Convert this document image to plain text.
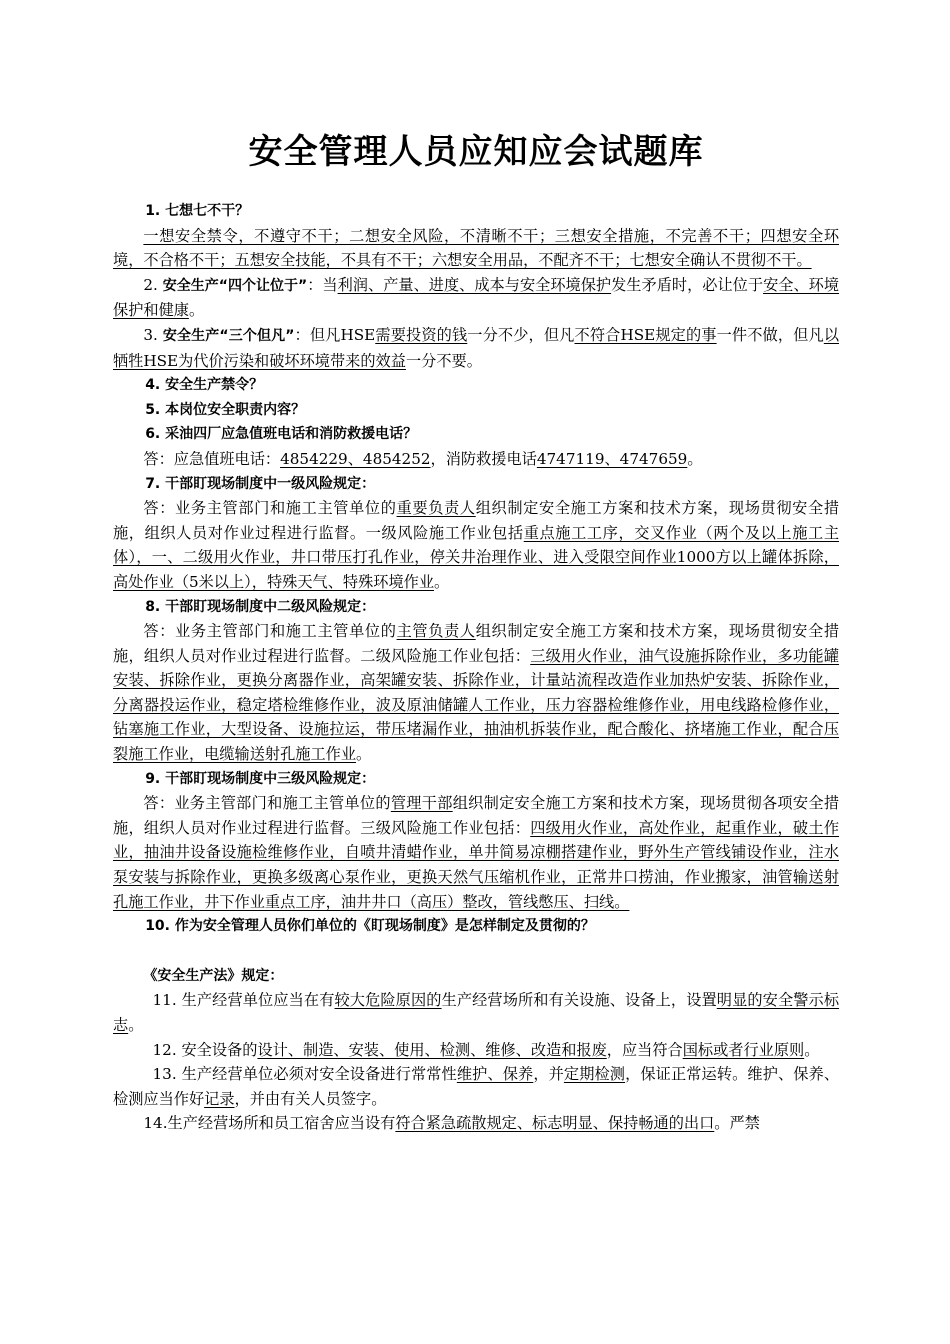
安全管理人员应知应会试题库

1. 七想七不干？

一想安全禁令，不遵守不干；二想安全风险，不清晰不干；三想安全措施，不完善不干；四想安全环境，不合格不干；五想安全技能，不具有不干；六想安全用品，不配齐不干；七想安全确认不贯彻不干。

2. 安全生产“四个让位于”：当利润、产量、进度、成本与安全环境保护发生矛盾时，必让位于安全、环境保护和健康。

3. 安全生产“三个但凡”：但凡HSE需要投资的钱一分不少，但凡不符合HSE规定的事一件不做，但凡以牺牲HSE为代价污染和破坏环境带来的效益一分不要。

4. 安全生产禁令？

5. 本岗位安全职责内容？

6. 采油四厂应急值班电话和消防救援电话？

答：应急值班电话：4854229、4854252，消防救援电话4747119、4747659。

7. 干部盯现场制度中一级风险规定：

答：业务主管部门和施工主管单位的重要负责人组织制定安全施工方案和技术方案，现场贯彻安全措施，组织人员对作业过程进行监督。一级风险施工作业包括重点施工工序，交叉作业（两个及以上施工主体），一、二级用火作业，井口带压打孔作业，停关井治理作业、进入受限空间作业1000方以上罐体拆除，高处作业（5米以上），特殊天气、特殊环境作业。

8. 干部盯现场制度中二级风险规定：

答：业务主管部门和施工主管单位的主管负责人组织制定安全施工方案和技术方案，现场贯彻安全措施，组织人员对作业过程进行监督。二级风险施工作业包括：三级用火作业，油气设施拆除作业，多功能罐安装、拆除作业，更换分离器作业，高架罐安装、拆除作业，计量站流程改造作业加热炉安装、拆除作业，分离器投运作业，稳定塔检维修作业，波及原油储罐人工作业，压力容器检维修作业，用电线路检修作业，钻塞施工作业，大型设备、设施拉运，带压堵漏作业，抽油机拆装作业，配合酸化、挤堵施工作业，配合压裂施工作业，电缆输送射孔施工作业。

9. 干部盯现场制度中三级风险规定：

答：业务主管部门和施工主管单位的管理干部组织制定安全施工方案和技术方案，现场贯彻各项安全措施，组织人员对作业过程进行监督。三级风险施工作业包括：四级用火作业，高处作业，起重作业，破土作业，抽油井设备设施检维修作业，自喷井清蜡作业，单井简易凉棚搭建作业，野外生产管线铺设作业，注水泵安装与拆除作业，更换多级离心泵作业，更换天然气压缩机作业，正常井口捞油，作业搬家，油管输送射孔施工作业，井下作业重点工序，油井井口（高压）整改，管线憋压、扫线。

10. 作为安全管理人员你们单位的《盯现场制度》是怎样制定及贯彻的？

《安全生产法》规定：

11. 生产经营单位应当在有较大危险原因的生产经营场所和有关设施、设备上，设置明显的安全警示标志。

12. 安全设备的设计、制造、安装、使用、检测、维修、改造和报废，应当符合国标或者行业原则。

13. 生产经营单位必须对安全设备进行常常性维护、保养，并定期检测，保证正常运转。维护、保养、检测应当作好记录，并由有关人员签字。

14.生产经营场所和员工宿舍应当设有符合紧急疏散规定、标志明显、保持畅通的出口。严禁
